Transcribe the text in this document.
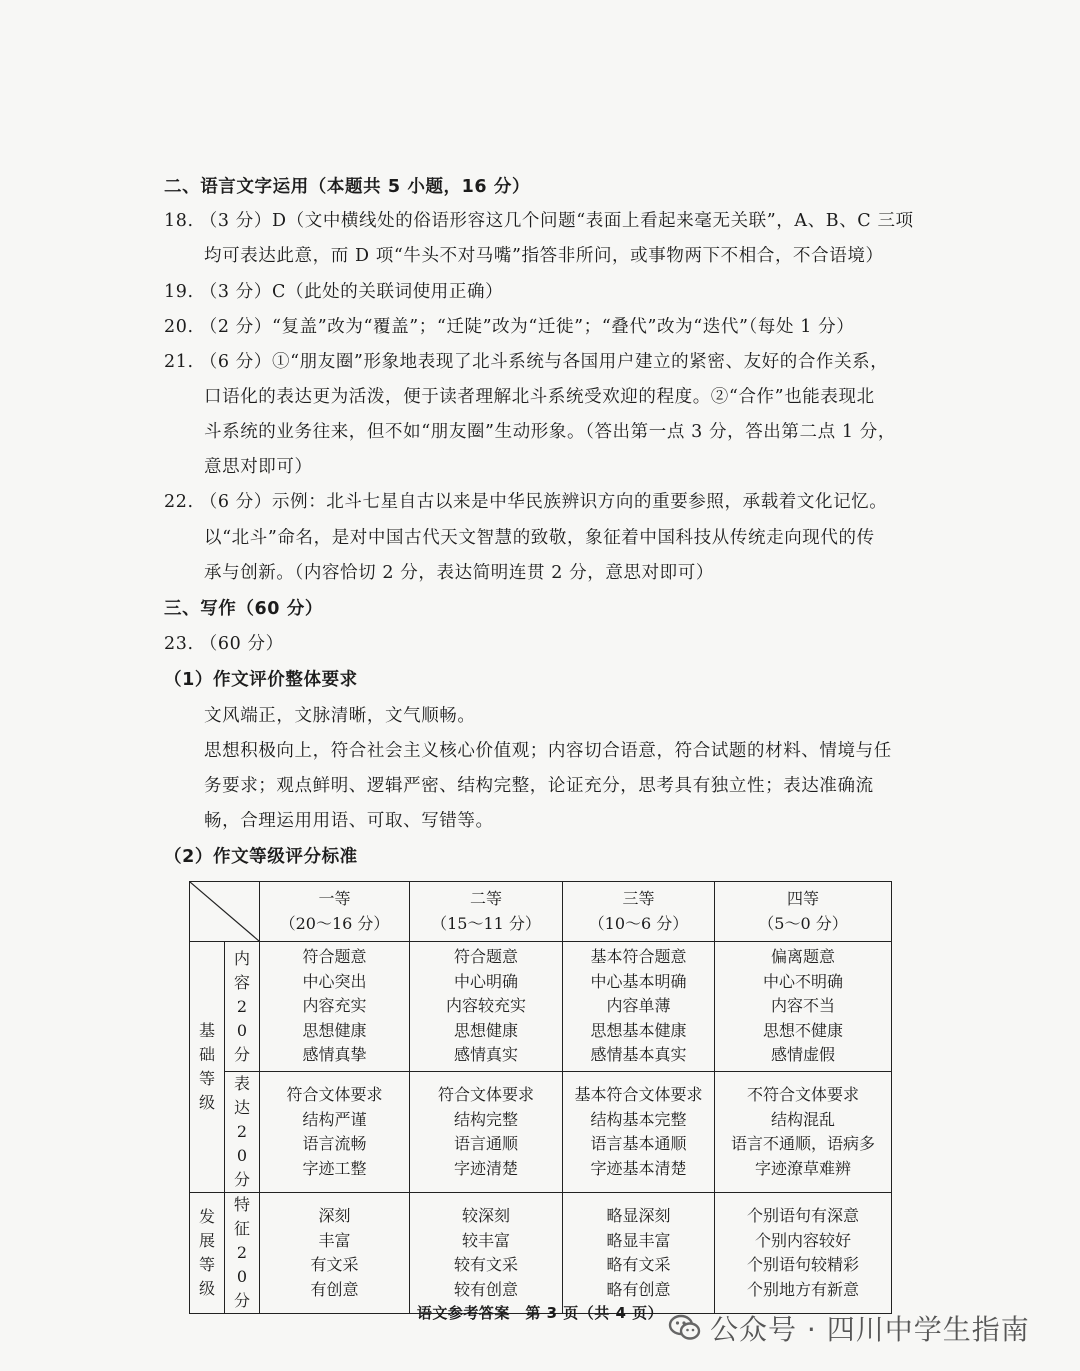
二、语言文字运用（本题共 5 小题，16 分）
18. （3 分）D（文中横线处的俗语形容这几个问题“表面上看起来毫无关联”，A、B、C 三项
均可表达此意，而 D 项“牛头不对马嘴”指答非所问，或事物两下不相合，不合语境）
19. （3 分）C（此处的关联词使用正确）
20. （2 分）“复盖”改为“覆盖”；“迁陡”改为“迁徙”；“叠代”改为“迭代”（每处 1 分）
21. （6 分）①“朋友圈”形象地表现了北斗系统与各国用户建立的紧密、友好的合作关系，
口语化的表达更为活泼，便于读者理解北斗系统受欢迎的程度。②“合作”也能表现北
斗系统的业务往来，但不如“朋友圈”生动形象。（答出第一点 3 分，答出第二点 1 分，
意思对即可）
22. （6 分）示例：北斗七星自古以来是中华民族辨识方向的重要参照，承载着文化记忆。
以“北斗”命名，是对中国古代天文智慧的致敬，象征着中国科技从传统走向现代的传
承与创新。（内容恰切 2 分，表达简明连贯 2 分，意思对即可）
三、写作（60 分）
23. （60 分）
（1）作文评价整体要求
文风端正，文脉清晰，文气顺畅。
思想积极向上，符合社会主义核心价值观；内容切合语意，符合试题的材料、情境与任
务要求；观点鲜明、逻辑严密、结构完整，论证充分，思考具有独立性；表达准确流
畅，合理运用用语、可取、写错等。
（2）作文等级评分标准

一等
（20～16 分）	二等
（15～11 分）	三等
（10～6 分）	四等
（5～0 分）

基础等级	内容20分	符合题意
中心突出
内容充实
思想健康
感情真挚	符合题意
中心明确
内容较充实
思想健康
感情真实	基本符合题意
中心基本明确
内容单薄
思想基本健康
感情基本真实	偏离题意
中心不明确
内容不当
思想不健康
感情虚假

	表达20分	符合文体要求
结构严谨
语言流畅
字迹工整	符合文体要求
结构完整
语言通顺
字迹清楚	基本符合文体要求
结构基本完整
语言基本通顺
字迹基本清楚	不符合文体要求
结构混乱
语言不通顺，语病多
字迹潦草难辨

发展等级	特征20分	深刻
丰富
有文采
有创意	较深刻
较丰富
较有文采
较有创意	略显深刻
略显丰富
略有文采
略有创意	个别语句有深意
个别内容较好
个别语句较精彩
个别地方有新意
语文参考答案　第 3 页（共 4 页）	公众号 · 四川中学生指南
